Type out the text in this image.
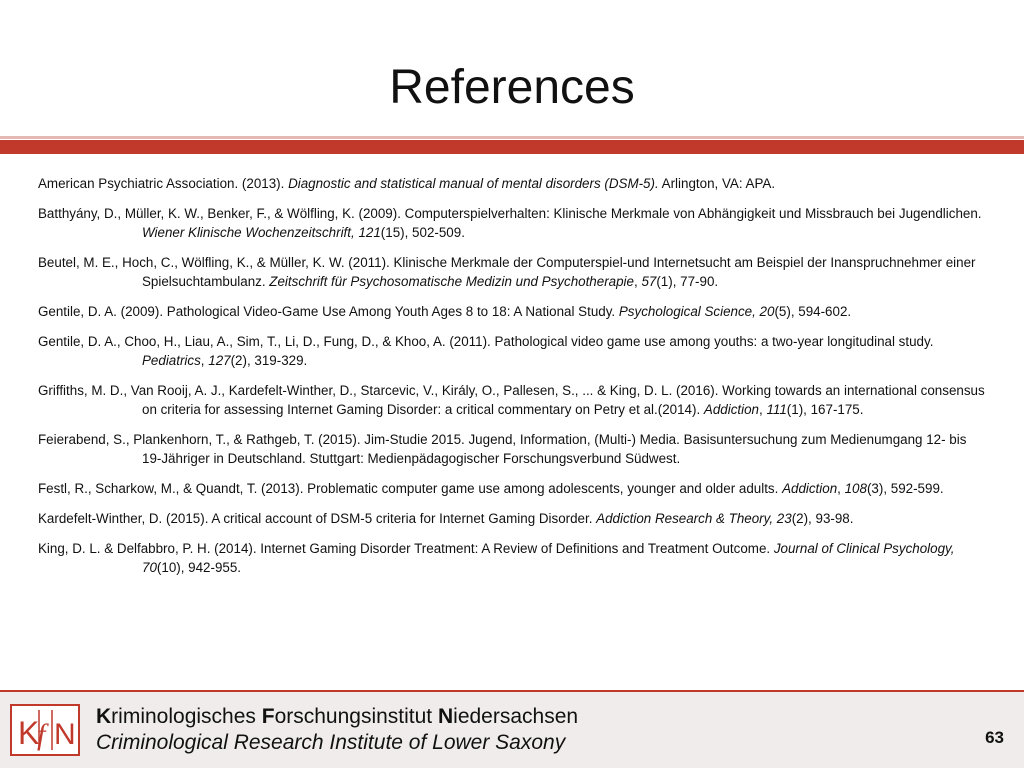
References
American Psychiatric Association. (2013). Diagnostic and statistical manual of mental disorders (DSM-5). Arlington, VA: APA.
Batthyány, D., Müller, K. W., Benker, F., & Wölfling, K. (2009). Computerspielverhalten: Klinische Merkmale von Abhängigkeit und Missbrauch bei Jugendlichen. Wiener Klinische Wochenzeitschrift, 121(15), 502-509.
Beutel, M. E., Hoch, C., Wölfling, K., & Müller, K. W. (2011). Klinische Merkmale der Computerspiel-und Internetsucht am Beispiel der Inanspruchnehmer einer Spielsuchtambulanz. Zeitschrift für Psychosomatische Medizin und Psychotherapie, 57(1), 77-90.
Gentile, D. A. (2009). Pathological Video-Game Use Among Youth Ages 8 to 18: A National Study. Psychological Science, 20(5), 594-602.
Gentile, D. A., Choo, H., Liau, A., Sim, T., Li, D., Fung, D., & Khoo, A. (2011). Pathological video game use among youths: a two-year longitudinal study. Pediatrics, 127(2), 319-329.
Griffiths, M. D., Van Rooij, A. J., Kardefelt-Winther, D., Starcevic, V., Király, O., Pallesen, S., ... & King, D. L. (2016). Working towards an international consensus on criteria for assessing Internet Gaming Disorder: a critical commentary on Petry et al.(2014). Addiction, 111(1), 167-175.
Feierabend, S., Plankenhorn, T., & Rathgeb, T. (2015). Jim-Studie 2015. Jugend, Information, (Multi-) Media. Basisuntersuchung zum Medienumgang 12- bis 19-Jähriger in Deutschland. Stuttgart: Medienpädagogischer Forschungsverbund Südwest.
Festl, R., Scharkow, M., & Quandt, T. (2013). Problematic computer game use among adolescents, younger and older adults. Addiction, 108(3), 592-599.
Kardefelt-Winther, D. (2015). A critical account of DSM-5 criteria for Internet Gaming Disorder. Addiction Research & Theory, 23(2), 93-98.
King, D. L. & Delfabbro, P. H. (2014). Internet Gaming Disorder Treatment: A Review of Definitions and Treatment Outcome. Journal of Clinical Psychology, 70(10), 942-955.
K
f N
Kriminologisches Forschungsinstitut Niedersachsen
Criminological Research Institute of Lower Saxony	63
